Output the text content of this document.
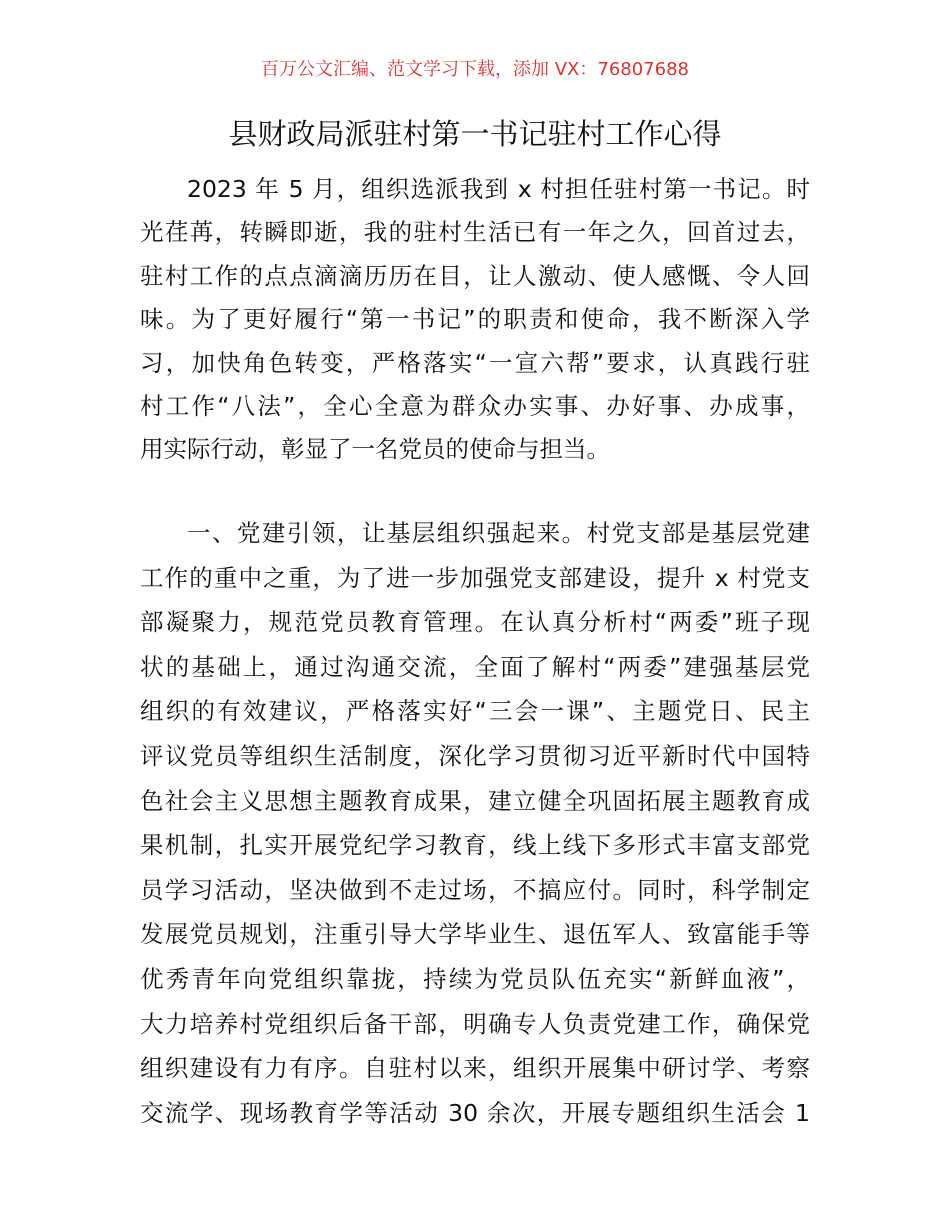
百万公文汇编、范文学习下载，添加 VX：76807688
县财政局派驻村第一书记驻村工作心得
2023 年 5 月，组织选派我到 x 村担任驻村第一书记。时
光荏苒，转瞬即逝，我的驻村生活已有一年之久，回首过去，
驻村工作的点点滴滴历历在目，让人激动、使人感慨、令人回
味。为了更好履行“第一书记”的职责和使命，我不断深入学
习，加快角色转变，严格落实“一宣六帮”要求，认真践行驻
村工作“八法”，全心全意为群众办实事、办好事、办成事，
用实际行动，彰显了一名党员的使命与担当。
一、党建引领，让基层组织强起来。村党支部是基层党建
工作的重中之重，为了进一步加强党支部建设，提升 x 村党支
部凝聚力，规范党员教育管理。在认真分析村“两委”班子现
状的基础上，通过沟通交流，全面了解村“两委”建强基层党
组织的有效建议，严格落实好“三会一课”、主题党日、民主
评议党员等组织生活制度，深化学习贯彻习近平新时代中国特
色社会主义思想主题教育成果，建立健全巩固拓展主题教育成
果机制，扎实开展党纪学习教育，线上线下多形式丰富支部党
员学习活动，坚决做到不走过场，不搞应付。同时，科学制定
发展党员规划，注重引导大学毕业生、退伍军人、致富能手等
优秀青年向党组织靠拢，持续为党员队伍充实“新鲜血液”，
大力培养村党组织后备干部，明确专人负责党建工作，确保党
组织建设有力有序。自驻村以来，组织开展集中研讨学、考察
交流学、现场教育学等活动 30 余次，开展专题组织生活会 1
